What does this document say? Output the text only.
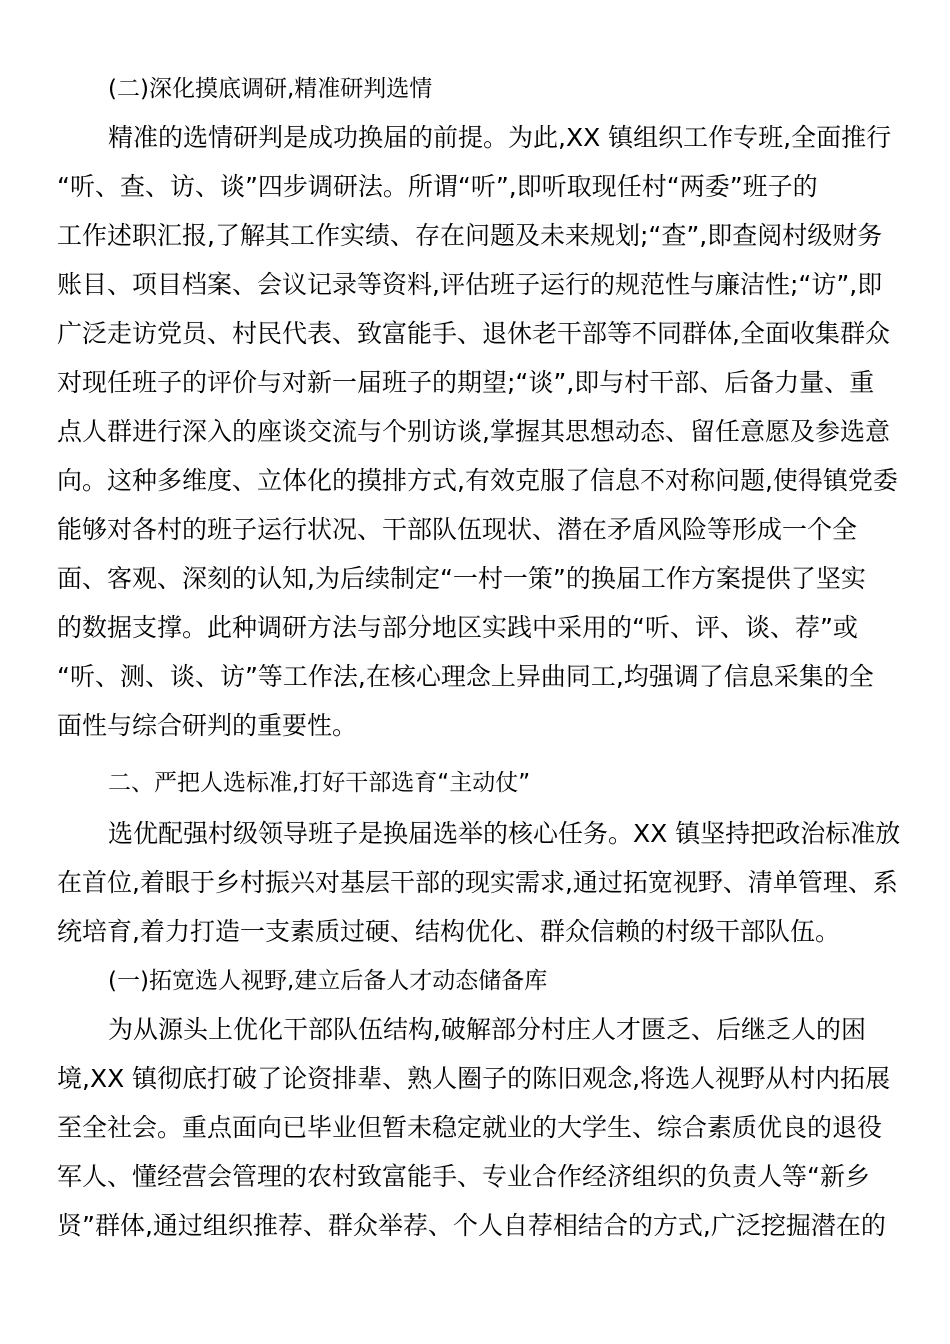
(二)深化摸底调研,精准研判选情
精准的选情研判是成功换届的前提。为此,XX 镇组织工作专班,全面推行
“听、查、访、谈”四步调研法。所谓“听”,即听取现任村“两委”班子的
工作述职汇报,了解其工作实绩、存在问题及未来规划;“查”,即查阅村级财务
账目、项目档案、会议记录等资料,评估班子运行的规范性与廉洁性;“访”,即
广泛走访党员、村民代表、致富能手、退休老干部等不同群体,全面收集群众
对现任班子的评价与对新一届班子的期望;“谈”,即与村干部、后备力量、重
点人群进行深入的座谈交流与个别访谈,掌握其思想动态、留任意愿及参选意
向。这种多维度、立体化的摸排方式,有效克服了信息不对称问题,使得镇党委
能够对各村的班子运行状况、干部队伍现状、潜在矛盾风险等形成一个全
面、客观、深刻的认知,为后续制定“一村一策”的换届工作方案提供了坚实
的数据支撑。此种调研方法与部分地区实践中采用的“听、评、谈、荐”或
“听、测、谈、访”等工作法,在核心理念上异曲同工,均强调了信息采集的全
面性与综合研判的重要性。
二、严把人选标准,打好干部选育“主动仗”
选优配强村级领导班子是换届选举的核心任务。XX 镇坚持把政治标准放
在首位,着眼于乡村振兴对基层干部的现实需求,通过拓宽视野、清单管理、系
统培育,着力打造一支素质过硬、结构优化、群众信赖的村级干部队伍。
(一)拓宽选人视野,建立后备人才动态储备库
为从源头上优化干部队伍结构,破解部分村庄人才匮乏、后继乏人的困
境,XX 镇彻底打破了论资排辈、熟人圈子的陈旧观念,将选人视野从村内拓展
至全社会。重点面向已毕业但暂未稳定就业的大学生、综合素质优良的退役
军人、懂经营会管理的农村致富能手、专业合作经济组织的负责人等“新乡
贤”群体,通过组织推荐、群众举荐、个人自荐相结合的方式,广泛挖掘潜在的
